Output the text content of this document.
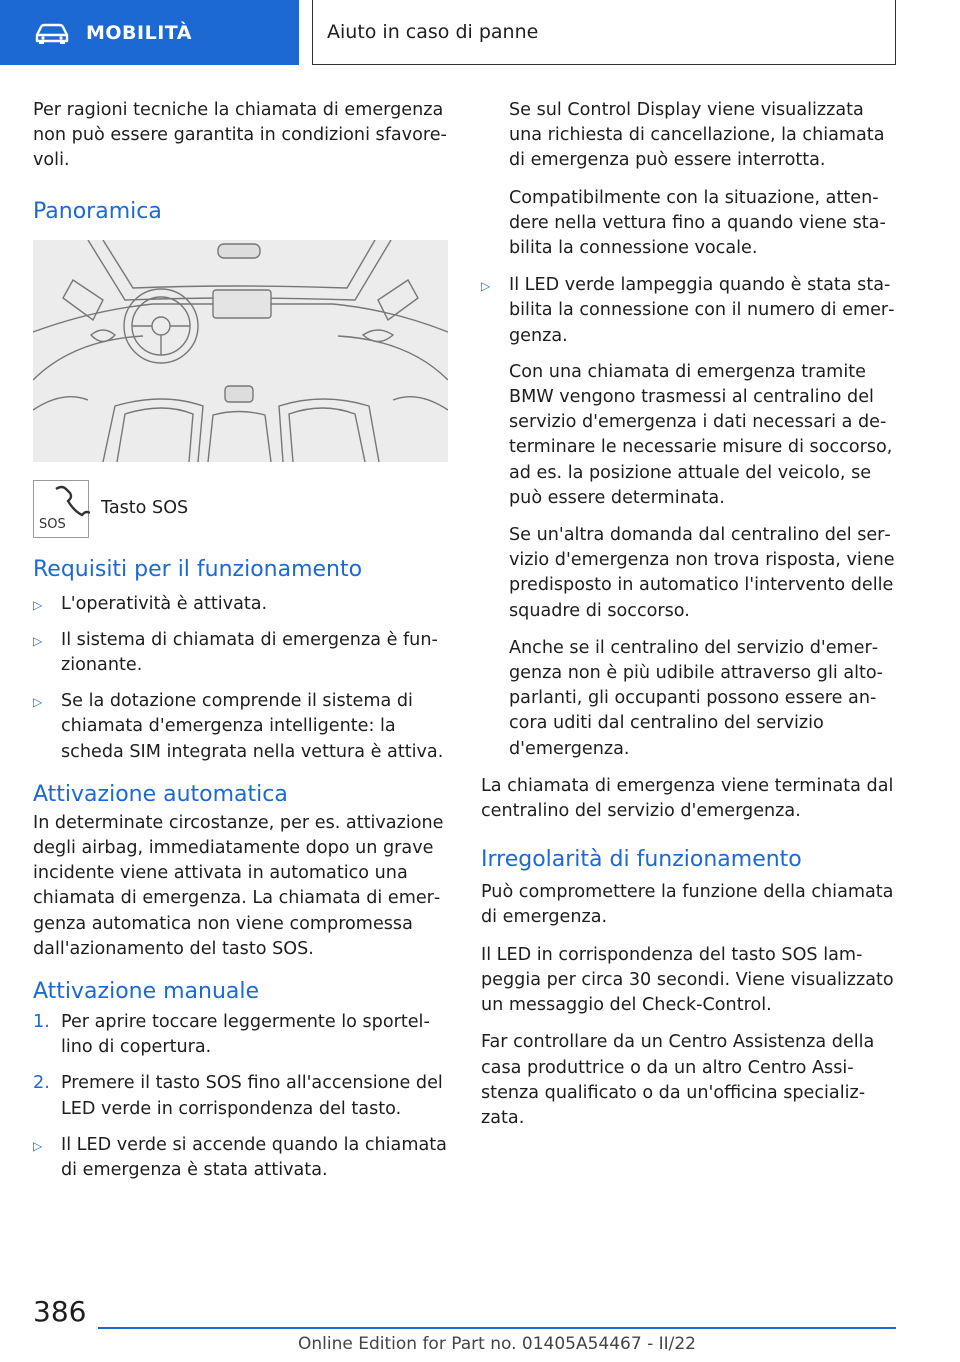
MOBILITÀ	Aiuto in caso di panne

Per ragioni tecniche la chiamata di emergenza non può essere garantita in condizioni sfavorevoli.

Panoramica
SOS
Tasto SOS
Requisiti per il funzionamento
▷ L'operatività è attivata.
▷ Il sistema di chiamata di emergenza è funzionante.
▷ Se la dotazione comprende il sistema di chiamata d'emergenza intelligente: la scheda SIM integrata nella vettura è attiva.
Attivazione automatica

In determinate circostanze, per es. attivazione degli airbag, immediatamente dopo un grave incidente viene attivata in automatico una chiamata di emergenza. La chiamata di emergenza automatica non viene compromessa dall'azionamento del tasto SOS.

Attivazione manuale
1. Per aprire toccare leggermente lo sportellino di copertura.
2. Premere il tasto SOS fino all'accensione del LED verde in corrispondenza del tasto.
▷ Il LED verde si accende quando la chiamata di emergenza è stata attivata.

Se sul Control Display viene visualizzata una richiesta di cancellazione, la chiamata di emergenza può essere interrotta.

Compatibilmente con la situazione, attendere nella vettura fino a quando viene stabilita la connessione vocale.

▷ Il LED verde lampeggia quando è stata stabilita la connessione con il numero di emergenza.

Con una chiamata di emergenza tramite BMW vengono trasmessi al centralino del servizio d'emergenza i dati necessari a determinare le necessarie misure di soccorso, ad es. la posizione attuale del veicolo, se può essere determinata.

Se un'altra domanda dal centralino del servizio d'emergenza non trova risposta, viene predisposto in automatico l'intervento delle squadre di soccorso.

Anche se il centralino del servizio d'emergenza non è più udibile attraverso gli altoparlanti, gli occupanti possono essere ancora uditi dal centralino del servizio d'emergenza.

La chiamata di emergenza viene terminata dal centralino del servizio d'emergenza.

Irregolarità di funzionamento

Può compromettere la funzione della chiamata di emergenza.

Il LED in corrispondenza del tasto SOS lampeggia per circa 30 secondi. Viene visualizzato un messaggio del Check-Control.

Far controllare da un Centro Assistenza della casa produttrice o da un altro Centro Assistenza qualificato o da un'officina specializzata.

386
Online Edition for Part no. 01405A54467 - II/22
